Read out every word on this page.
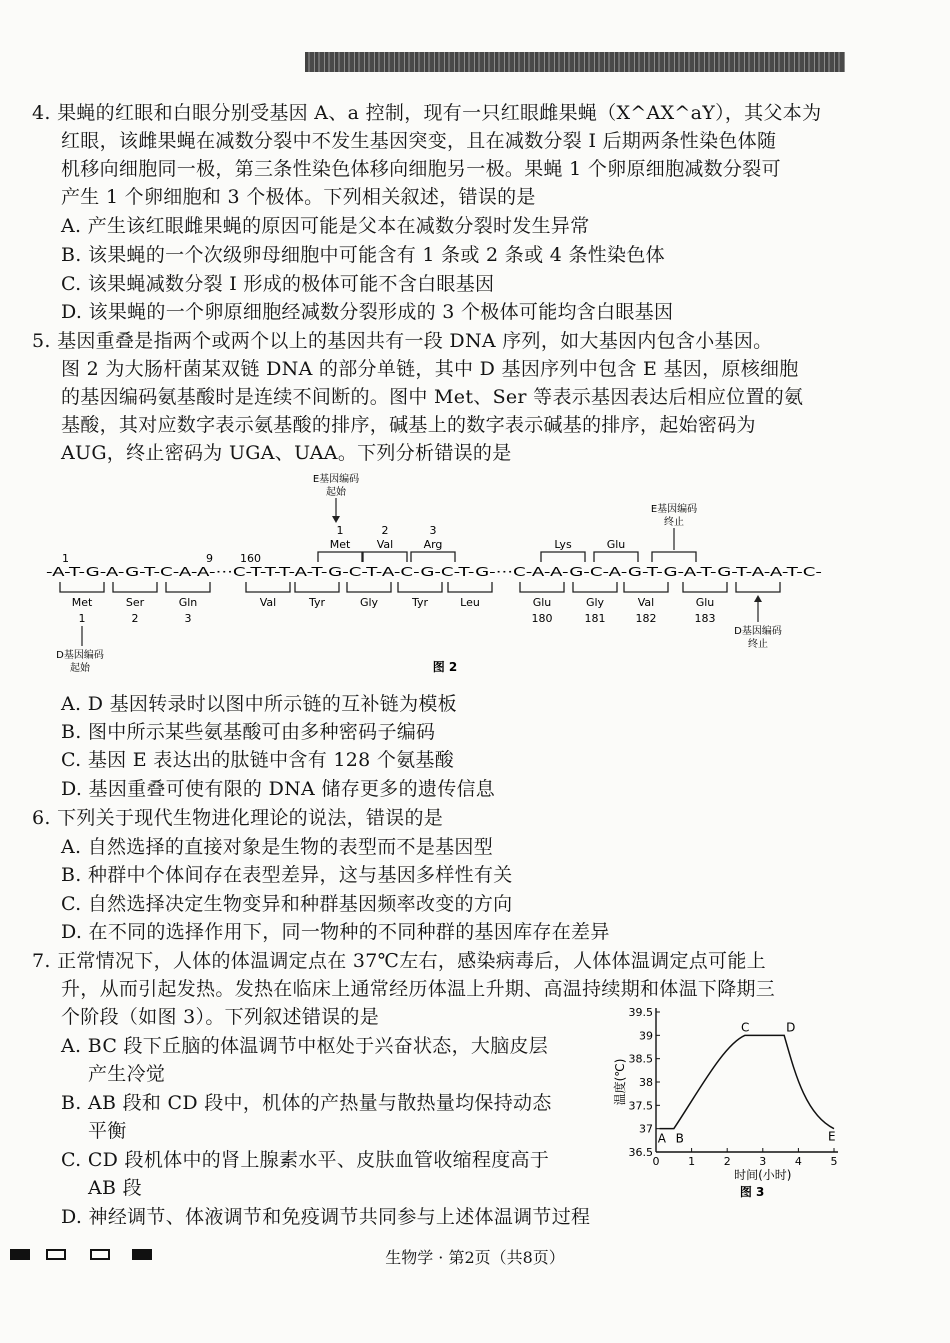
4. 果蝇的红眼和白眼分别受基因 A、a 控制，现有一只红眼雌果蝇（X^AX^aY），其父本为
红眼，该雌果蝇在减数分裂中不发生基因突变，且在减数分裂 I 后期两条性染色体随
机移向细胞同一极，第三条性染色体移向细胞另一极。果蝇 1 个卵原细胞减数分裂可
产生 1 个卵细胞和 3 个极体。下列相关叙述，错误的是
A. 产生该红眼雌果蝇的原因可能是父本在减数分裂时发生异常
B. 该果蝇的一个次级卵母细胞中可能含有 1 条或 2 条或 4 条性染色体
C. 该果蝇减数分裂 I 形成的极体可能不含白眼基因
D. 该果蝇的一个卵原细胞经减数分裂形成的 3 个极体可能均含白眼基因
5. 基因重叠是指两个或两个以上的基因共有一段 DNA 序列，如大基因内包含小基因。
图 2 为大肠杆菌某双链 DNA 的部分单链，其中 D 基因序列中包含 E 基因，原核细胞
的基因编码氨基酸时是连续不间断的。图中 Met、Ser 等表示基因表达后相应位置的氨
基酸，其对应数字表示氨基酸的排序，碱基上的数字表示碱基的排序，起始密码为
AUG，终止密码为 UGA、UAA。下列分析错误的是
A. D 基因转录时以图中所示链的互补链为模板
B. 图中所示某些氨基酸可由多种密码子编码
C. 基因 E 表达出的肽链中含有 128 个氨基酸
D. 基因重叠可使有限的 DNA 储存更多的遗传信息
6. 下列关于现代生物进化理论的说法，错误的是
A. 自然选择的直接对象是生物的表型而不是基因型
B. 种群中个体间存在表型差异，这与基因多样性有关
C. 自然选择决定生物变异和种群基因频率改变的方向
D. 在不同的选择作用下，同一物种的不同种群的基因库存在差异
7. 正常情况下，人体的体温调定点在 37℃左右，感染病毒后，人体体温调定点可能上
升，从而引起发热。发热在临床上通常经历体温上升期、高温持续期和体温下降期三
个阶段（如图 3）。下列叙述错误的是
A. BC 段下丘脑的体温调节中枢处于兴奋状态，大脑皮层
产生冷觉
B. AB 段和 CD 段中，机体的产热量与散热量均保持动态
平衡
C. CD 段机体中的肾上腺素水平、皮肤血管收缩程度高于
AB 段
D. 神经调节、体液调节和免疫调节共同参与上述体温调节过程
-A-T-G-A-G-T-C-A-A-···C-T-T-T-A-T-G-C-T-A-C-G-C-T-G-···C-A-A-G-C-A-G-T-G-A-T-G-T-A-A-T-C-
1	9 160
Met
1
Val
2
Arg
3
Lys	Glu
E基因编码
起始
E基因编码
终止
Met
1
Ser
2
Gln
3
Val	Tyr	Gly	Tyr	Leu	Glu
180
Gly
181
Val
182
Glu
183
D基因编码
起始
D基因编码
终止
图 2
36.5
37
37.5
38
38.5
39
39.5
0	1	2	3	4	5
A B
C	D
E
温度(℃)
时间(小时)
图 3
生物学 · 第2页（共8页）
